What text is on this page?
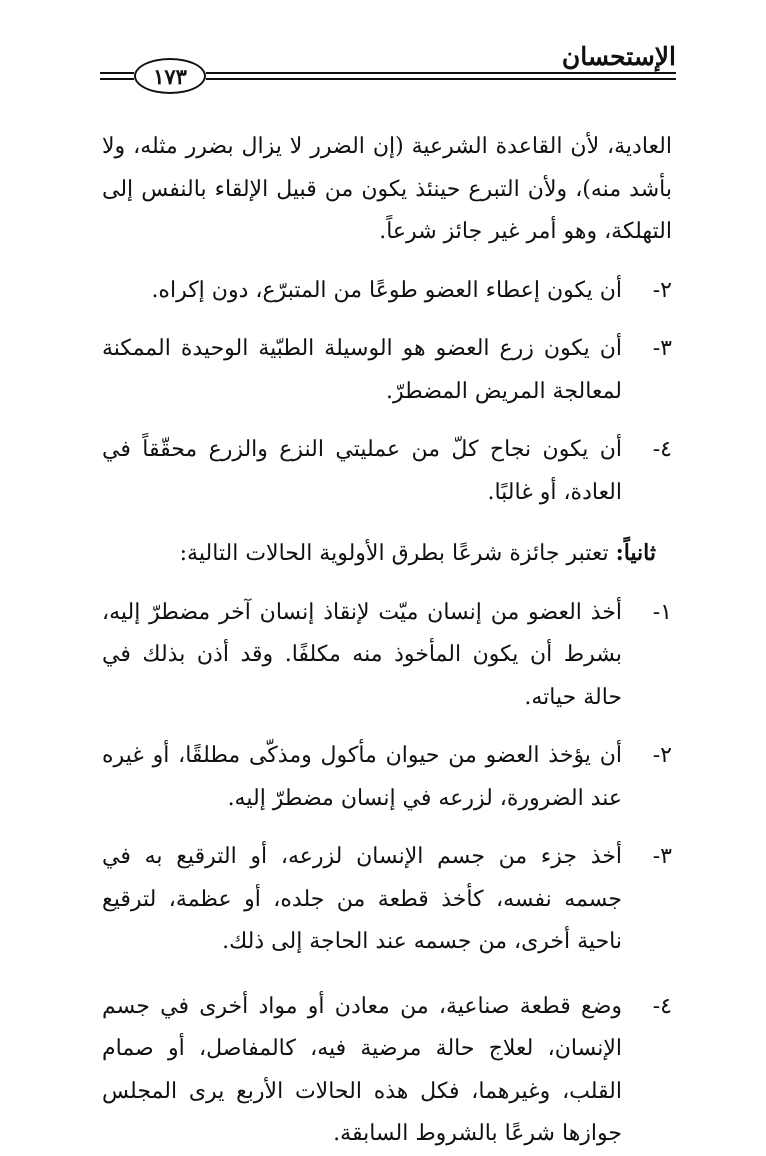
الإستحسان
١٧٣

العادية، لأن القاعدة الشرعية (إن الضرر لا يزال بضرر مثله، ولا بأشد منه)، ولأن التبرع حينئذ يكون من قبيل الإلقاء بالنفس إلى التهلكة، وهو أمر غير جائز شرعاً.

٢-
أن يكون إعطاء العضو طوعًا من المتبرّع، دون إكراه.
٣-
أن يكون زرع العضو هو الوسيلة الطبّية الوحيدة الممكنة لمعالجة المريض المضطرّ.
٤-
أن يكون نجاح كلّ من عمليتي النزع والزرع محقّقاً في العادة، أو غالبًا.
ثانياً: تعتبر جائزة شرعًا بطرق الأولوية الحالات التالية:
١-
أخذ العضو من إنسان ميّت لإنقاذ إنسان آخر مضطرّ إليه، بشرط أن يكون المأخوذ منه مكلفًا. وقد أذن بذلك في حالة حياته.
٢-
أن يؤخذ العضو من حيوان مأكول ومذكّى مطلقًا، أو غيره عند الضرورة، لزرعه في إنسان مضطرّ إليه.
٣-
أخذ جزء من جسم الإنسان لزرعه، أو الترقيع به في جسمه نفسه، كأخذ قطعة من جلده، أو عظمة، لترقيع ناحية أخرى، من جسمه عند الحاجة إلى ذلك.
٤-
وضع قطعة صناعية، من معادن أو مواد أخرى في جسم الإنسان، لعلاج حالة مرضية فيه، كالمفاصل، أو صمام القلب، وغيرهما، فكل هذه الحالات الأربع يرى المجلس جوازها شرعًا بالشروط السابقة.
